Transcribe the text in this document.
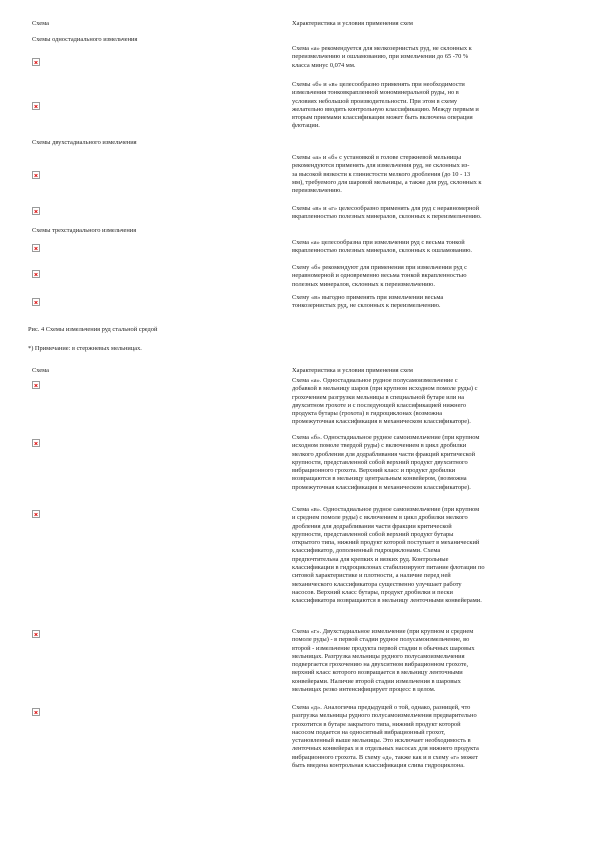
Схема	Характеристика и условия применения схем
Схемы одностадиального измельчения
Схема «а» рекомендуется для мелкозернистых руд, не склонных к
переизмельчению и ошламованию, при измельчении до 65 -70 %
класса минус 0,074 мм.
Схемы «б» и «в» целесообразно применять при необходимости
измельчения тонковкрапленной мономинеральной руды, но в
условиях небольшой производительности. При этом в схему
желательно вводить контрольную классификацию. Между первым и
вторым приемами классификации может быть включена операция
флотации.
Схемы двухстадиального измельчения
Схемы «а» и «б» с установкой в голове стержневой мельницы
рекомендуются применять для измельчения руд, не склонных из-
за высокой вязкости к глинистости мелкого дробления (до 10 - 13
мм), требуемого для шаровой мельницы, а также для руд, склонных к
переизмельчению.
Схемы «в» и «г» целесообразно применять для руд с неравномерной
вкрапленностью полезных минералов, склонных к переизмельчению.
Схемы трехстадиального измельчения
Схема «а» целесообразна при измельчении руд с весьма тонкой
вкрапленностью полезных минералов, склонных к ошламованию.
Схему «б» рекомендуют для применения при измельчении руд с
неравномерной и одновременно весьма тонкой вкрапленностью
полезных минералов, склонных к переизмельчению.
Схему «в» выгодно применять при измельчении весьма
тонкозернистых руд, не склонных к переизмельчению.
Рис. 4 Схемы измельчения руд стальной средой
*) Примечание: в стержневых мельницах.
Схема	Характеристика и условия применения схем
Схема «а». Одностадиальное рудное полусамоизмельчение с
добавкой в мельницу шаров (при крупном исходном помоле руды) с
грохочением разгрузки мельницы в специальной бутаре или на
двухситном грохоте и с последующей классификацией нижнего
продукта бутары (грохота) в гидроциклонах (возможна
промежуточная классификация в механическом классификаторе).
Схема «б». Одностадиальное рудное самоизмельчение (при крупном
исходном помоле твердой руды) с включением в цикл дробилки
мелкого дробления для додрабливания части фракций критической
крупности, представленной собой верхний продукт двухситного
вибрационного грохота. Верхний класс и продукт дробилки
возвращаются в мельницу центральным конвейером, (возможна
промежуточная классификация в механическом классификаторе).
Схема «в». Одностадиальное рудное самоизмельчение (при крупном
и среднем помоле руды) с включением в цикл дробилки мелкого
дробления для додрабливания части фракции критической
крупности, представленной собой верхний продукт бутары
открытого типа, нижний продукт которой поступает в механический
классификатор, дополненный гидроциклонами. Схема
предпочтительна для крепких и вязких руд. Контрольные
классификации в гидроциклонах стабилизируют питание флотации по
ситовой характеристике и плотности, а наличие перед ней
механического классификатора существенно улучшает работу
насосов. Верхний класс бутары, продукт дробилки и пески
классификатора возвращаются в мельницу ленточными конвейерами.
Схема «г». Двухстадиальное измельчение (при крупном и среднем
помоле руды) - в первой стадии рудное полусамоизмельчение, во
второй - измельчение продукта первой стадии в обычных шаровых
мельницах. Разгрузка мельницы рудного полусамоизмельчения
подвергается грохочению на двухситном вибрационном грохоте,
верхний класс которого возвращается в мельницу ленточными
конвейерами. Наличие второй стадии измельчения в шаровых
мельницах резко интенсифицирует процесс в целом.
Схема «д». Аналогична предыдущей о той, однако, разницей, что
разгрузка мельницы рудного полусамоизмельчения предварительно
грохотится в бутаре закрытого типа, нижний продукт которой
насосом подается на односитный вибрационный грохот,
установленный выше мельницы. Это исключает необходимость в
ленточных конвейерах и в отдельных насосах для нижнего продукта
вибрационного грохота. В схему «д», также как и в схему «г» может
быть введена контрольная классификация слива гидроциклона.
